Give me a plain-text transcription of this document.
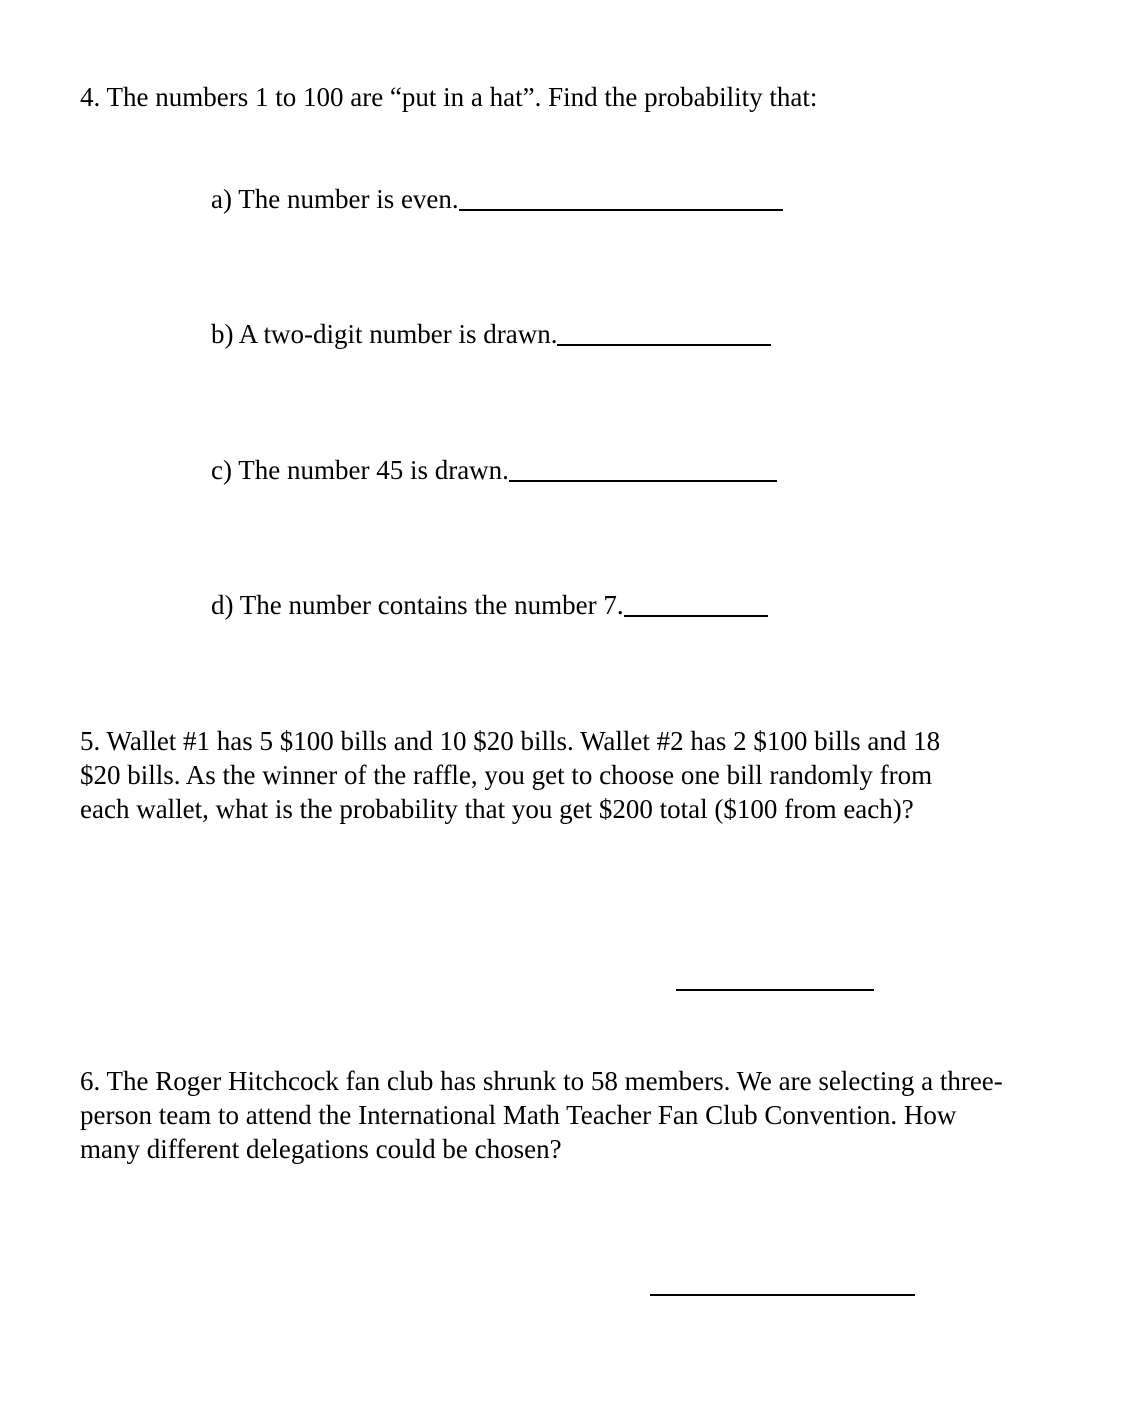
4. The numbers 1 to 100 are “put in a hat”. Find the probability that:
a) The number is even.
b) A two-digit number is drawn.
c) The number 45 is drawn.
d) The number contains the number 7.
5. Wallet #1 has 5 $100 bills and 10 $20 bills. Wallet #2 has 2 $100 bills and 18
$20 bills. As the winner of the raffle, you get to choose one bill randomly from
each wallet, what is the probability that you get $200 total ($100 from each)?
6. The Roger Hitchcock fan club has shrunk to 58 members. We are selecting a three-
person team to attend the International Math Teacher Fan Club Convention. How
many different delegations could be chosen?
